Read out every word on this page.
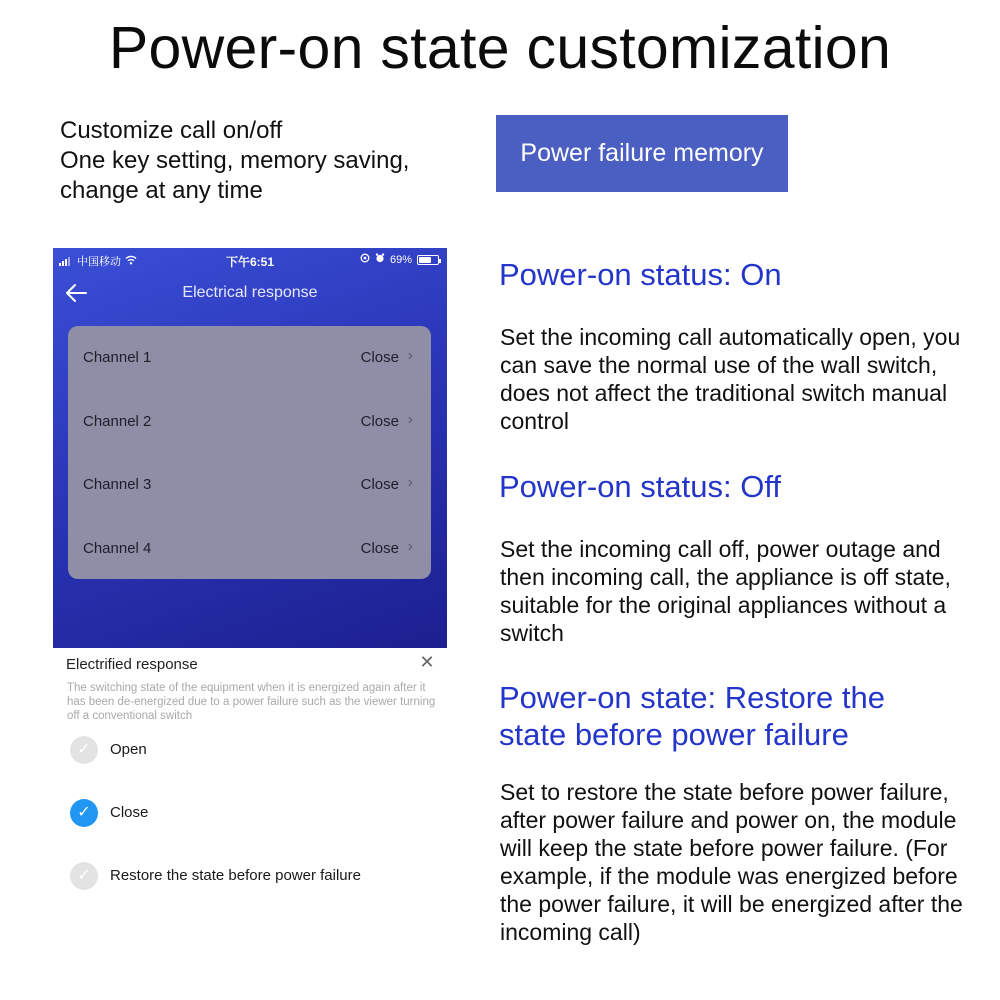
Power-on state customization
Customize call on/off
One key setting, memory saving, change at any time
Power failure memory
中国移动	下午6:51	69%
Electrical response
Channel 1	Close ›
Channel 2	Close ›
Channel 3	Close ›
Channel 4	Close ›
Electrified response	✕
The switching state of the equipment when it is energized again after it has been de-energized due to a power failure such as the viewer turning off a conventional switch
✓	Open
✓	Close
✓	Restore the state before power failure
Power-on status: On
Set the incoming call automatically open, you can save the normal use of the wall switch, does not affect the traditional switch manual control
Power-on status: Off
Set the incoming call off, power outage and then incoming call, the appliance is off state, suitable for the original appliances without a switch
Power-on state: Restore the state before power failure
Set to restore the state before power failure, after power failure and power on, the module will keep the state before power failure. (For example, if the module was energized before the power failure, it will be energized after the incoming call)
